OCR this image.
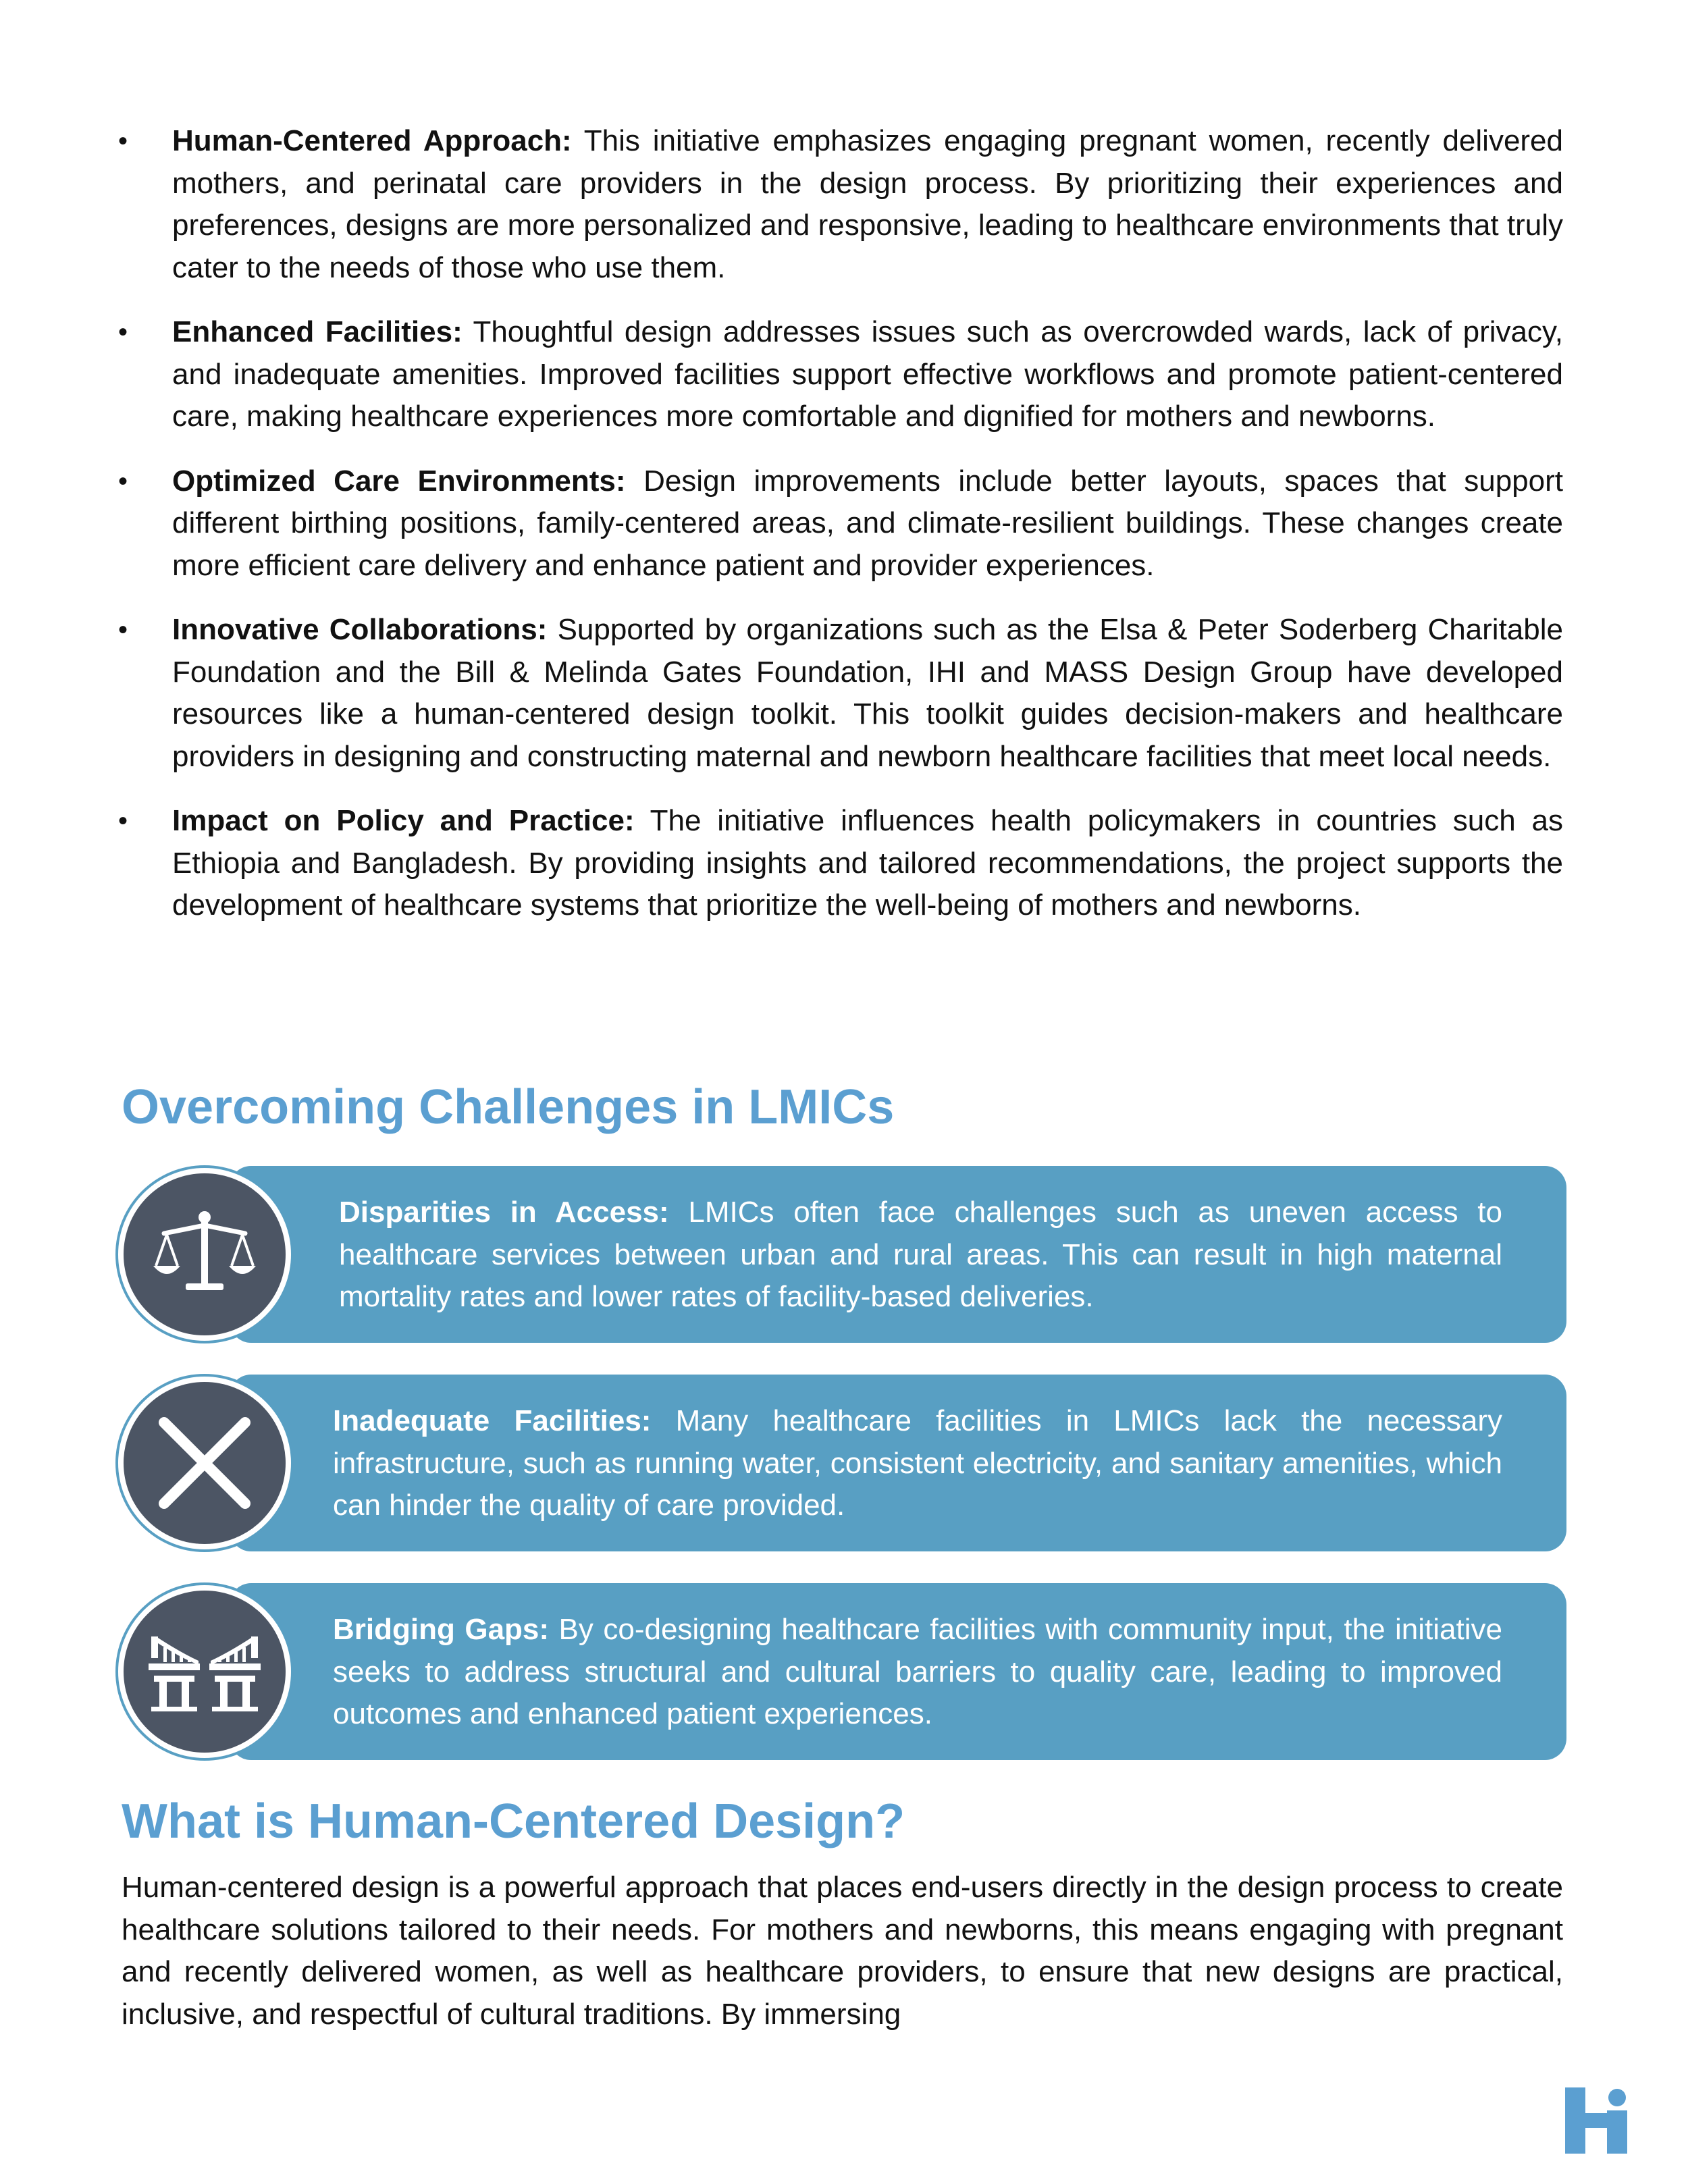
• Human-Centered Approach: This initiative emphasizes engaging pregnant women, recently delivered mothers, and perinatal care providers in the design process. By prioritizing their experiences and preferences, designs are more personalized and responsive, leading to healthcare environments that truly cater to the needs of those who use them.
• Enhanced Facilities: Thoughtful design addresses issues such as overcrowded wards, lack of privacy, and inadequate amenities. Improved facilities support effective workflows and promote patient-centered care, making healthcare experiences more comfortable and dignified for mothers and newborns.
• Optimized Care Environments: Design improvements include better layouts, spaces that support different birthing positions, family-centered areas, and climate-resilient buildings. These changes create more efficient care delivery and enhance patient and provider experiences.
• Innovative Collaborations: Supported by organizations such as the Elsa & Peter Soderberg Charitable Foundation and the Bill & Melinda Gates Foundation, IHI and MASS Design Group have developed resources like a human-centered design toolkit. This toolkit guides decision-makers and healthcare providers in designing and constructing maternal and newborn healthcare facilities that meet local needs.
• Impact on Policy and Practice: The initiative influences health policymakers in countries such as Ethiopia and Bangladesh. By providing insights and tailored recommendations, the project supports the development of healthcare systems that prioritize the well-being of mothers and newborns.
Overcoming Challenges in LMICs
Disparities in Access: LMICs often face challenges such as uneven access to healthcare services between urban and rural areas. This can result in high maternal mortality rates and lower rates of facility-based deliveries.
Inadequate Facilities: Many healthcare facilities in LMICs lack the necessary infrastructure, such as running water, consistent electricity, and sanitary amenities, which can hinder the quality of care provided.
Bridging Gaps: By co-designing healthcare facilities with community input, the initiative seeks to address structural and cultural barriers to quality care, leading to improved outcomes and enhanced patient experiences.
What is Human-Centered Design?

Human-centered design is a powerful approach that places end-users directly in the design process to create healthcare solutions tailored to their needs. For mothers and newborns, this means engaging with pregnant and recently delivered women, as well as healthcare providers, to ensure that new designs are practical, inclusive, and respectful of cultural traditions. By immersing
